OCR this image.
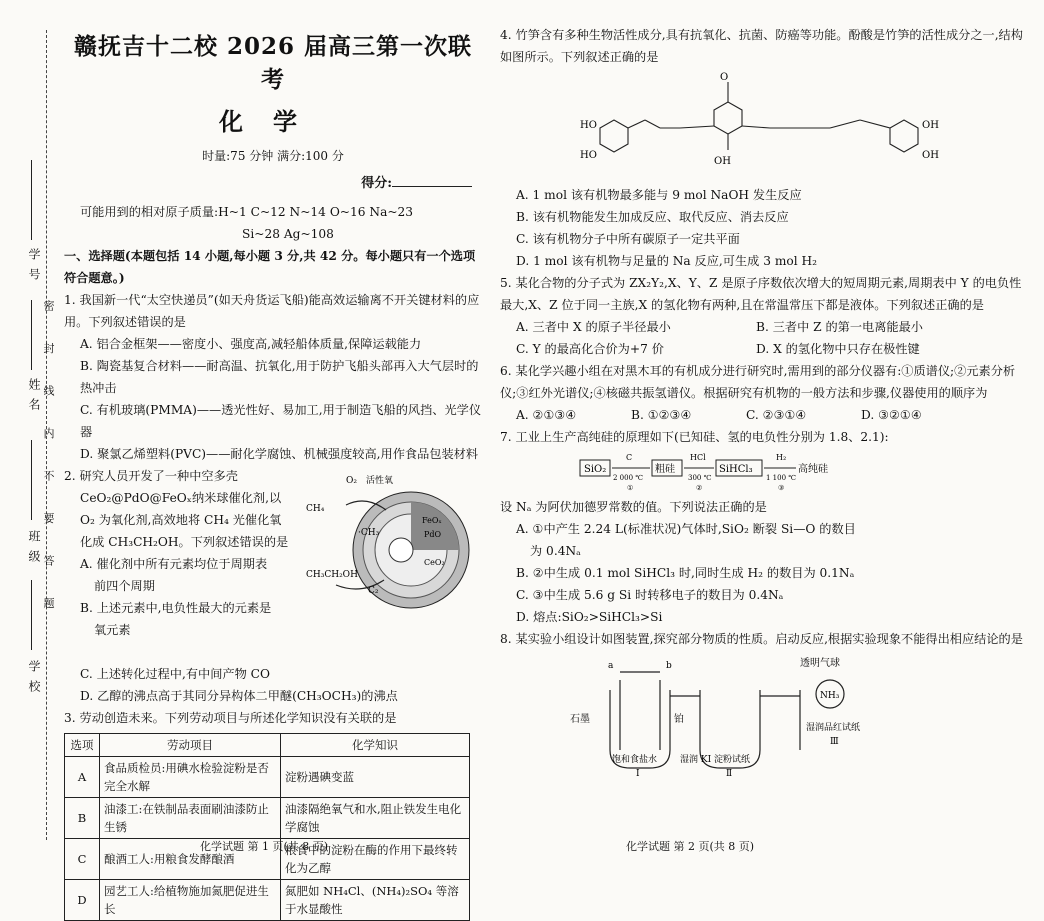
学 号
姓 名
班 级
学 校
密 封 线 内 不 要 答 题
赣抚吉十二校 2026 届高三第一次联考
化学
时量:75 分钟 满分:100 分
得分:

可能用到的相对原子质量:H~1 C~12 N~14 O~16 Na~23

Si~28 Ag~108

一、选择题(本题包括 14 小题,每小题 3 分,共 42 分。每小题只有一个选项符合题意。)

1. 我国新一代“太空快递员”(如天舟货运飞船)能高效运输离不开关键材料的应用。下列叙述错误的是

A. 铝合金框架——密度小、强度高,减轻船体质量,保障运载能力

B. 陶瓷基复合材料——耐高温、抗氧化,用于防护飞船头部再入大气层时的热冲击

C. 有机玻璃(PMMA)——透光性好、易加工,用于制造飞船的风挡、光学仪器

D. 聚氯乙烯塑料(PVC)——耐化学腐蚀、机械强度较高,用作食品包装材料

2. 研究人员开发了一种中空多壳

CeO₂@PdO@FeOₓ纳米球催化剂,以

O₂ 为氧化剂,高效地将 CH₄ 光催化氧

化成 CH₃CH₂OH。下列叙述错误的是

A. 催化剂中所有元素均位于周期表

前四个周期

B. 上述元素中,电负性最大的元素是

氧元素

O₂ 活性氧
CH₄
·CH₃
CH₃CH₂OH
C₂
FeOₓ
PdO
CeO₂

C. 上述转化过程中,有中间产物 CO

D. 乙醇的沸点高于其同分异构体二甲醚(CH₃OCH₃)的沸点

3. 劳动创造未来。下列劳动项目与所述化学知识没有关联的是

选项	劳动项目	化学知识
A	食品质检员:用碘水检验淀粉是否完全水解	淀粉遇碘变蓝
B	油漆工:在铁制品表面刷油漆防止生锈	油漆隔绝氧气和水,阻止铁发生电化学腐蚀
C	酿酒工人:用粮食发酵酿酒	粮食中的淀粉在酶的作用下最终转化为乙醇
D	园艺工人:给植物施加氮肥促进生长	氮肥如 NH₄Cl、(NH₄)₂SO₄ 等溶于水显酸性
化学试题 第 1 页(共 8 页)

4. 竹笋含有多种生物活性成分,具有抗氧化、抗菌、防癌等功能。酚酸是竹笋的活性成分之一,结构如图所示。下列叙述正确的是

HO
HO
O
OH
OH
OH

A. 1 mol 该有机物最多能与 9 mol NaOH 发生反应

B. 该有机物能发生加成反应、取代反应、消去反应

C. 该有机物分子中所有碳原子一定共平面

D. 1 mol 该有机物与足量的 Na 反应,可生成 3 mol H₂

5. 某化合物的分子式为 ZX₂Y₂,X、Y、Z 是原子序数依次增大的短周期元素,周期表中 Y 的电负性最大,X、Z 位于同一主族,X 的氢化物有两种,且在常温常压下都是液体。下列叙述正确的是

A. 三者中 X 的原子半径最小	B. 三者中 Z 的第一电离能最小

C. Y 的最高化合价为+7 价	D. X 的氢化物中只存在极性键

6. 某化学兴趣小组在对黑木耳的有机成分进行研究时,需用到的部分仪器有:①质谱仪;②元素分析仪;③红外光谱仪;④核磁共振氢谱仪。根据研究有机物的一般方法和步骤,仪器使用的顺序为

A. ②①③④	B. ①②③④	C. ②③①④	D. ③②①④

7. 工业上生产高纯硅的原理如下(已知硅、氢的电负性分别为 1.8、2.1):

SiO₂
C
2 000 ℃
①
粗硅
HCl
300 ℃
②
SiHCl₃
H₂
1 100 ℃
③
高纯硅

设 Nₐ 为阿伏加德罗常数的值。下列说法正确的是

A. ①中产生 2.24 L(标准状况)气体时,SiO₂ 断裂 Si—O 的数目

为 0.4Nₐ

B. ②中生成 0.1 mol SiHCl₃ 时,同时生成 H₂ 的数目为 0.1Nₐ

C. ③中生成 5.6 g Si 时转移电子的数目为 0.4Nₐ

D. 熔点:SiO₂>SiHCl₃>Si

8. 某实验小组设计如图装置,探究部分物质的性质。启动反应,根据实验现象不能得出相应结论的是

a	b
石墨	铂
饱和食盐水
Ⅰ
湿润 KI 淀粉试纸
Ⅱ
透明气球
NH₃
湿润品红试纸
Ⅲ
化学试题 第 2 页(共 8 页)
